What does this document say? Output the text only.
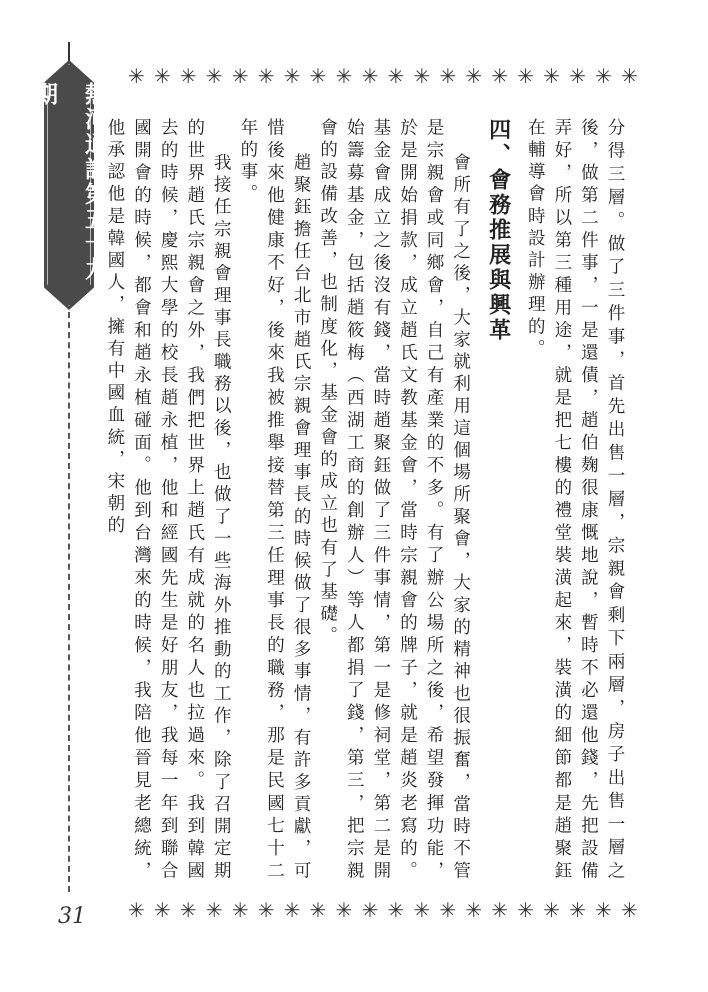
熱河通訊第五十九期
31
✳ ✳ ✳ ✳ ✳ ✳ ✳ ✳ ✳ ✳ ✳ ✳ ✳ ✳ ✳ ✳ ✳ ✳ ✳ ✳
✳ ✳ ✳ ✳ ✳ ✳ ✳ ✳ ✳ ✳ ✳ ✳ ✳ ✳ ✳ ✳ ✳ ✳ ✳ ✳

分得三層。做了三件事，首先出售一層，宗親會剩下兩層，房子出售一層之後，做第二件事，一是還債，趙伯麹很康慨地說，暫時不必還他錢，先把設備弄好，所以第三種用途，就是把七樓的禮堂裝潢起來，裝潢的細節都是趙聚鈺在輔導會時設計辦理的。

四、會務推展與興革

會所有了之後，大家就利用這個場所聚會，大家的精神也很振奮，當時不管是宗親會或同鄉會，自己有產業的不多。有了辦公場所之後，希望發揮功能，於是開始捐款，成立趙氏文教基金會，當時宗親會的牌子，就是趙炎老寫的。基金會成立之後沒有錢，當時趙聚鈺做了三件事情，第一是修祠堂，第二是開始籌募基金，包括趙筱梅（西湖工商的創辦人）等人都捐了錢，第三，把宗親會的設備改善，也制度化，基金會的成立也有了基礎。

趙聚鈺擔任台北市趙氏宗親會理事長的時候做了很多事情，有許多貢獻，可惜後來他健康不好，後來我被推舉接替第三任理事長的職務，那是民國七十二年的事。

我接任宗親會理事長職務以後，也做了一些海外推動的工作，除了召開定期的世界趙氏宗親會之外，我們把世界上趙氏有成就的名人也拉過來。我到韓國去的時候，慶熙大學的校長趙永植，他和經國先生是好朋友，我每一年到聯合國開會的時候，都會和趙永植碰面。他到台灣來的時候，我陪他晉見老總統，他承認他是韓國人，擁有中國血統，宋朝的
